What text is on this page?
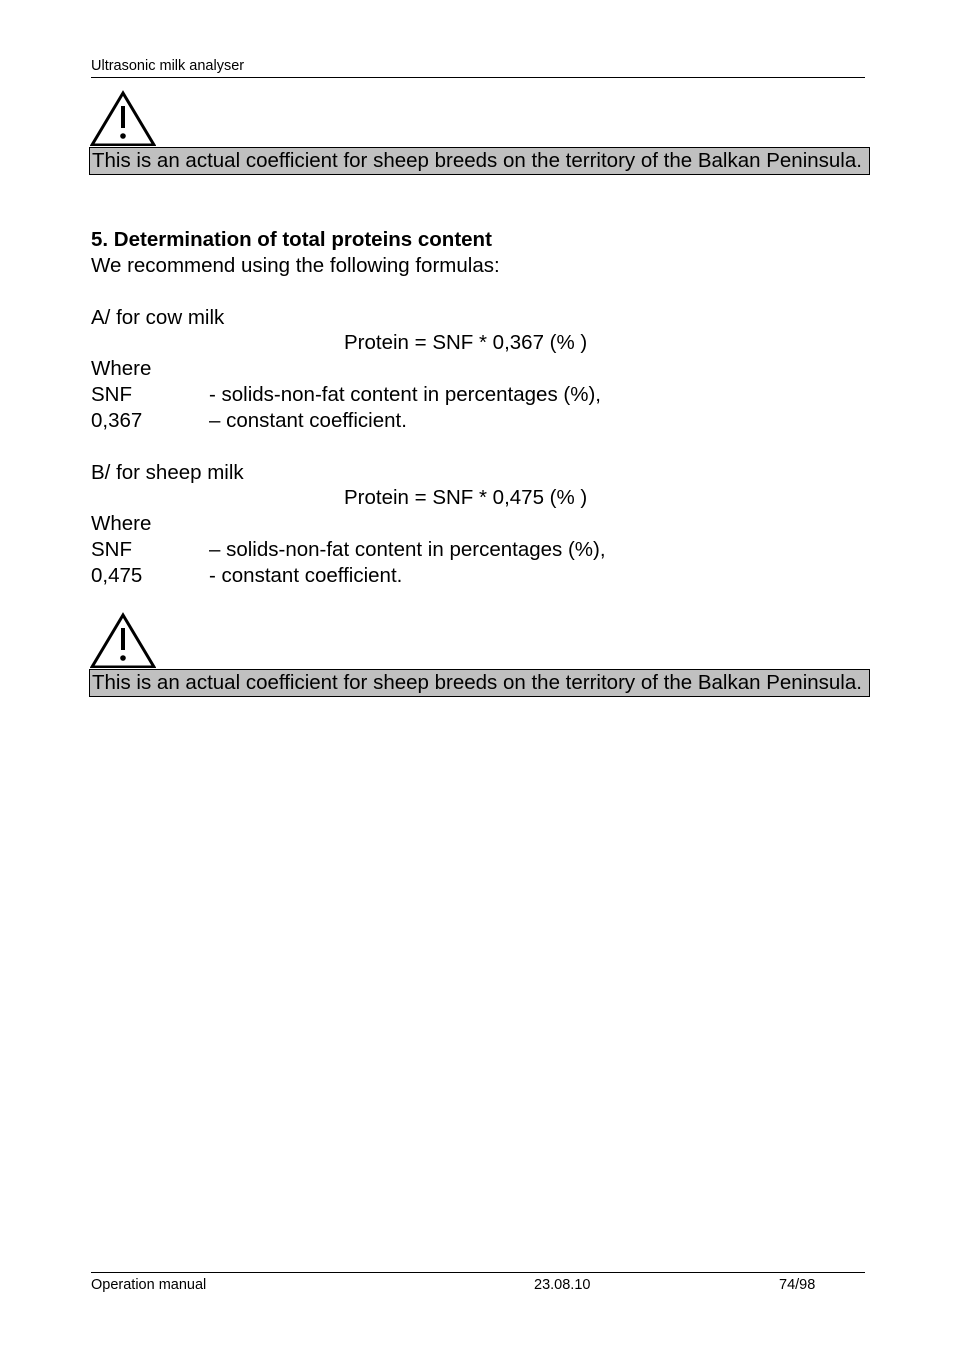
Ultrasonic milk analyser
This is an actual coefficient for sheep breeds on the territory of the Balkan Peninsula.
5. Determination of total proteins content
We recommend using the following formulas:
A/ for cow milk
Protein = SNF * 0,367 (% )
Where
SNF	- solids-non-fat content in percentages (%),
0,367	– constant coefficient.
B/ for sheep milk
Protein = SNF * 0,475 (% )
Where
SNF	– solids-non-fat content in percentages (%),
0,475	- constant coefficient.
This is an actual coefficient for sheep breeds on the territory of the Balkan Peninsula.
Operation manual	23.08.10	74/98
